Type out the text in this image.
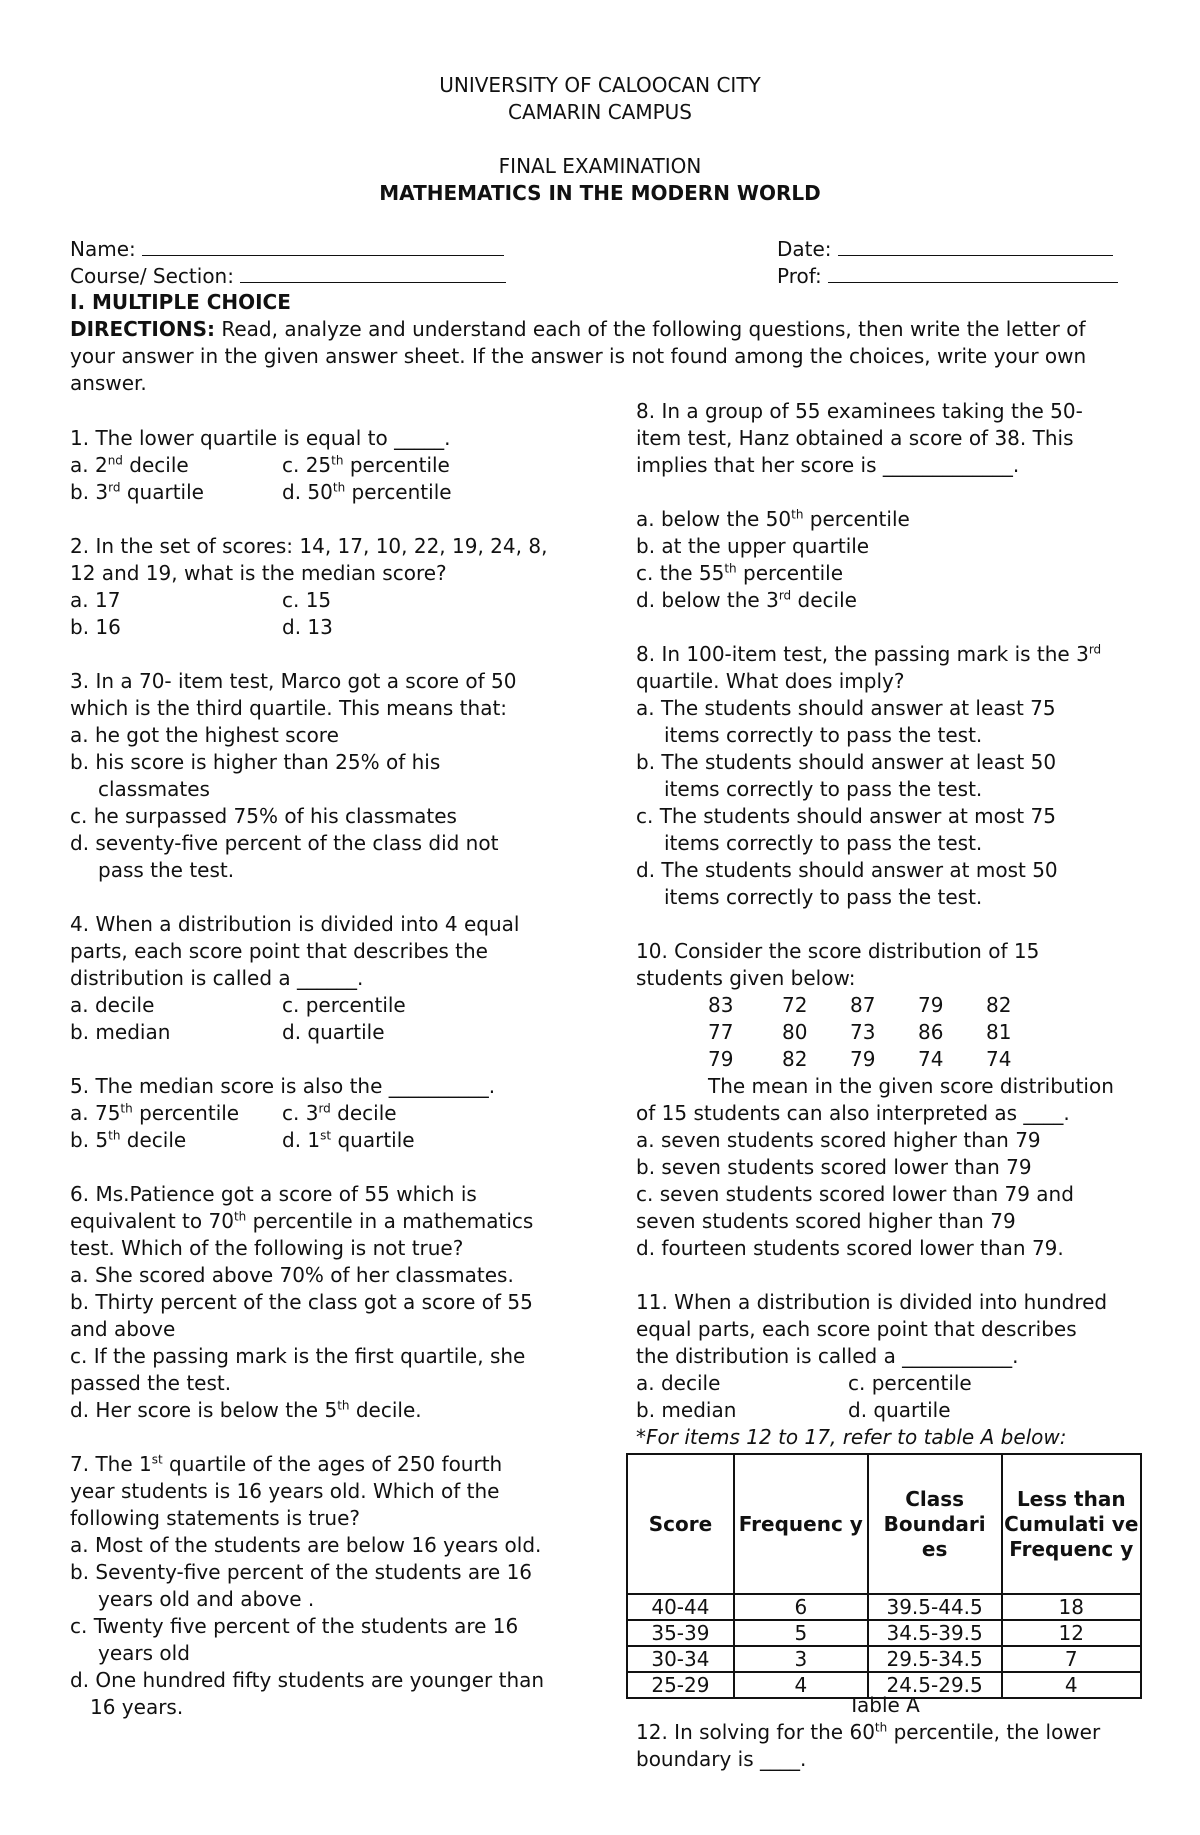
UNIVERSITY OF CALOOCAN CITY
CAMARIN CAMPUS
FINAL EXAMINATION
MATHEMATICS IN THE MODERN WORLD
Name:	Date:
Course/ Section:	Prof:
I. MULTIPLE CHOICE
DIRECTIONS: Read, analyze and understand each of the following questions, then write the letter of your answer in the given answer sheet. If the answer is not found among the choices, write your own answer.
1. The lower quartile is equal to _____.
a. 2nd decile	c. 25th percentile
b. 3rd quartile	d. 50th percentile
2. In the set of scores: 14, 17, 10, 22, 19, 24, 8,
12 and 19, what is the median score?
a. 17	c. 15
b. 16	d. 13
3. In a 70- item test, Marco got a score of 50
which is the third quartile. This means that:
a. he got the highest score
b. his score is higher than 25% of his
classmates
c. he surpassed 75% of his classmates
d. seventy-five percent of the class did not
pass the test.
4. When a distribution is divided into 4 equal
parts, each score point that describes the
distribution is called a ______.
a. decile	c. percentile
b. median	d. quartile
5. The median score is also the __________.
a. 75th percentile c. 3rd decile
b. 5th decile	d. 1st quartile
6. Ms.Patience got a score of 55 which is
equivalent to 70th percentile in a mathematics
test. Which of the following is not true?
a. She scored above 70% of her classmates.
b. Thirty percent of the class got a score of 55
and above
c. If the passing mark is the first quartile, she
passed the test.
d. Her score is below the 5th decile.
7. The 1st quartile of the ages of 250 fourth
year students is 16 years old. Which of the
following statements is true?
a. Most of the students are below 16 years old.
b. Seventy-five percent of the students are 16
years old and above .
c. Twenty five percent of the students are 16
years old
d. One hundred fifty students are younger than
16 years.
8. In a group of 55 examinees taking the 50-
item test, Hanz obtained a score of 38. This
implies that her score is _____________.
a. below the 50th percentile
b. at the upper quartile
c. the 55th percentile
d. below the 3rd decile
8. In 100-item test, the passing mark is the 3rd
quartile. What does imply?
a. The students should answer at least 75
items correctly to pass the test.
b. The students should answer at least 50
items correctly to pass the test.
c. The students should answer at most 75
items correctly to pass the test.
d. The students should answer at most 50
items correctly to pass the test.
10. Consider the score distribution of 15
students given below:
83 72 87 79 82
77 80 73 86 81
79 82 79 74 74
The mean in the given score distribution
of 15 students can also interpreted as ____.
a. seven students scored higher than 79
b. seven students scored lower than 79
c. seven students scored lower than 79 and
seven students scored higher than 79
d. fourteen students scored lower than 79.
11. When a distribution is divided into hundred
equal parts, each score point that describes
the distribution is called a ___________.
a. decile	c. percentile
b. median	d. quartile
*For items 12 to 17, refer to table A below:
Score	Frequenc y	Class Boundari es	Less than Cumulati ve Frequenc y
40-44	6	39.5-44.5	18
35-39	5	34.5-39.5	12
30-34	3	29.5-34.5	7
25-29	4	24.5-29.5	4
Table A
12. In solving for the 60th percentile, the lower
boundary is ____.
